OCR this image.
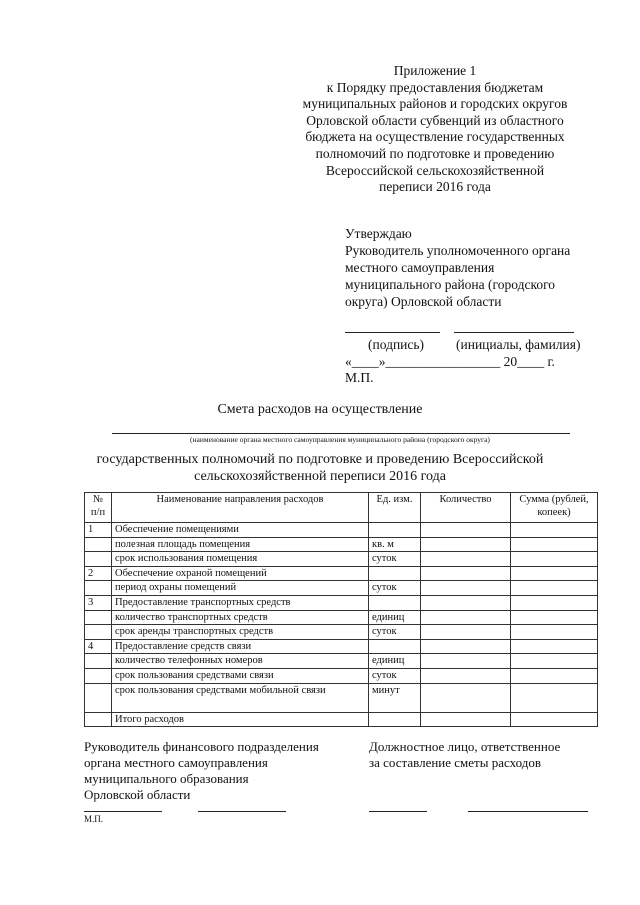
Приложение 1
к Порядку предоставления бюджетам
муниципальных районов и городских округов
Орловской области субвенций из областного
бюджета на осуществление государственных
полномочий по подготовке и проведению
Всероссийской сельскохозяйственной
переписи 2016 года
Утверждаю
Руководитель уполномоченного органа
местного самоуправления
муниципального района (городского
округа) Орловской области
(подпись) (инициалы, фамилия)
«____»_________________ 20____ г.
М.П.
Смета расходов на осуществление
(наименование органа местного самоуправления муниципального района (городского округа)
государственных полномочий по подготовке и проведению Всероссийской
сельскохозяйственной переписи 2016 года
№ п/п	Наименование направления расходов	Ед. изм.	Количество	Сумма (рублей, копеек)
1	Обеспечение помещениями			
	полезная площадь помещения	кв. м		
	срок использования помещения	суток		
2	Обеспечение охраной помещений			
	период охраны помещений	суток		
3	Предоставление транспортных средств			
	количество транспортных средств	единиц		
	срок аренды транспортных средств	суток		
4	Предоставление средств связи			
	количество телефонных номеров	единиц		
	срок пользования средствами связи	суток		
	срок пользования средствами мобильной связи	минут		
	Итого расходов			
Руководитель финансового подразделения
органа местного самоуправления
муниципального образования
Орловской области
Должностное лицо, ответственное
за составление сметы расходов
М.П.
